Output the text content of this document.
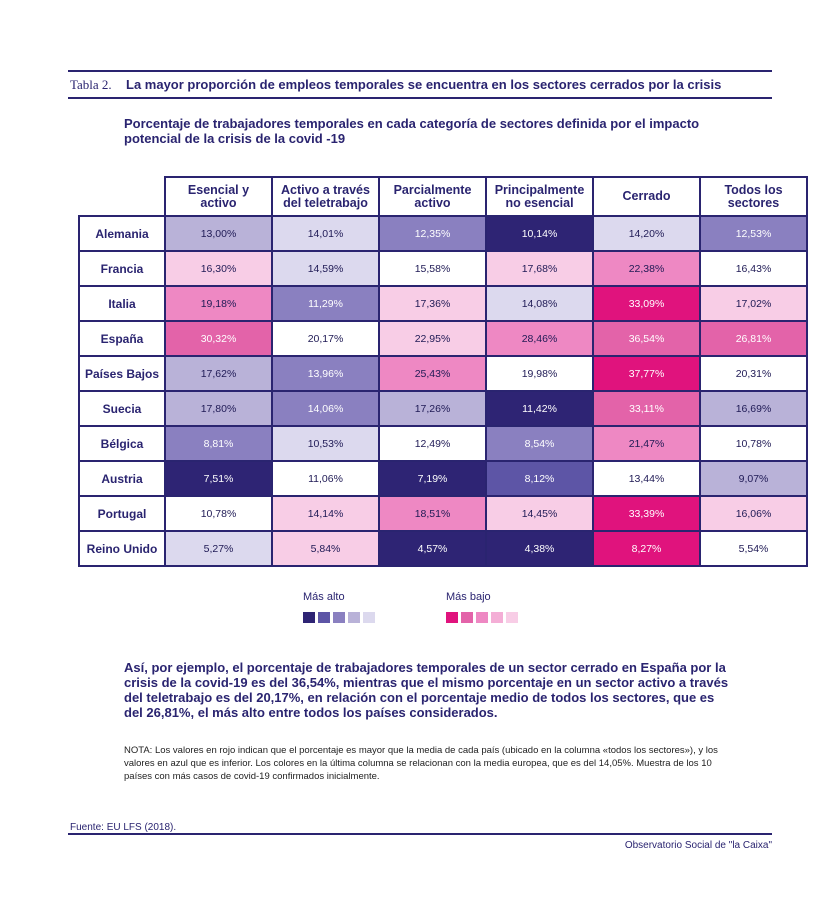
Tabla 2. La mayor proporción de empleos temporales se encuentra en los sectores cerrados por la crisis
Porcentaje de trabajadores temporales en cada categoría de sectores definida por el impacto potencial de la crisis de la covid -19
	Esencial y activo	Activo a través del teletrabajo	Parcialmente activo	Principalmente no esencial	Cerrado	Todos los sectores
Alemania	13,00%	14,01%	12,35%	10,14%	14,20%	12,53%
Francia	16,30%	14,59%	15,58%	17,68%	22,38%	16,43%
Italia	19,18%	11,29%	17,36%	14,08%	33,09%	17,02%
España	30,32%	20,17%	22,95%	28,46%	36,54%	26,81%
Países Bajos	17,62%	13,96%	25,43%	19,98%	37,77%	20,31%
Suecia	17,80%	14,06%	17,26%	11,42%	33,11%	16,69%
Bélgica	8,81%	10,53%	12,49%	8,54%	21,47%	10,78%
Austria	7,51%	11,06%	7,19%	8,12%	13,44%	9,07%
Portugal	10,78%	14,14%	18,51%	14,45%	33,39%	16,06%
Reino Unido	5,27%	5,84%	4,57%	4,38%	8,27%	5,54%
Más alto	Más bajo
Así, por ejemplo, el porcentaje de trabajadores temporales de un sector cerrado en España por la crisis de la covid-19 es del 36,54%, mientras que el mismo porcentaje en un sector activo a través del teletrabajo es del 20,17%, en relación con el porcentaje medio de todos los sectores, que es del 26,81%, el más alto entre todos los países considerados.
NOTA: Los valores en rojo indican que el porcentaje es mayor que la media de cada país (ubicado en la columna «todos los sectores»), y los valores en azul que es inferior. Los colores en la última columna se relacionan con la media europea, que es del 14,05%. Muestra de los 10 países con más casos de covid-19 confirmados inicialmente.
Fuente: EU LFS (2018).
Observatorio Social de "la Caixa"
